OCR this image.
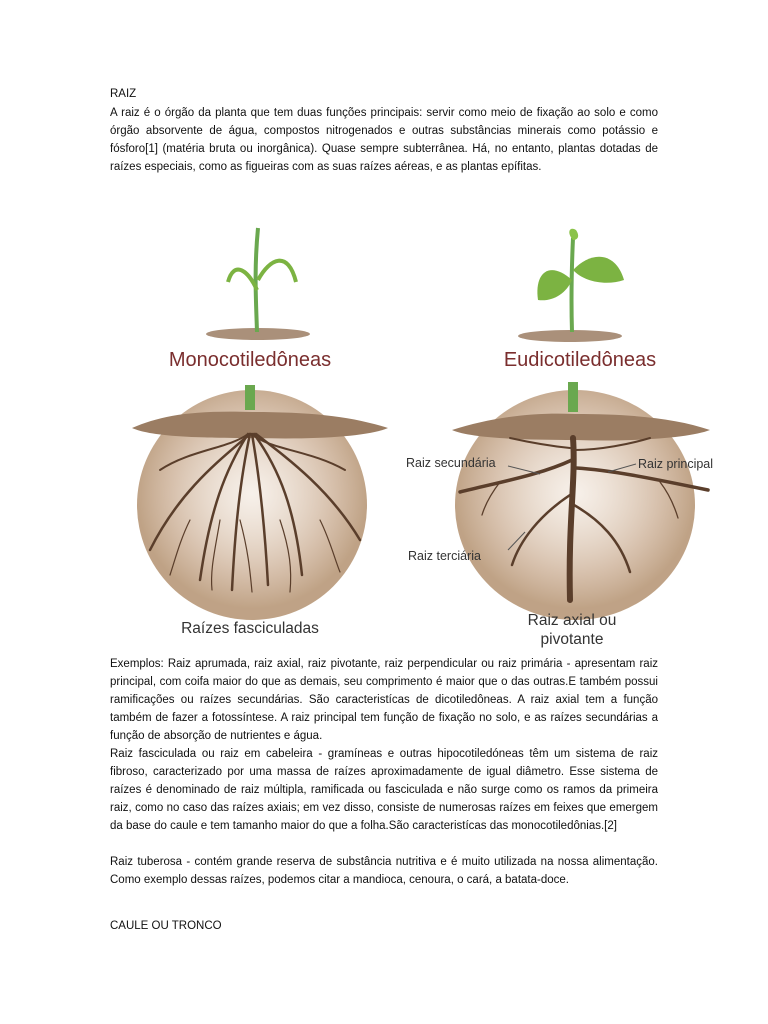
RAIZ

A raiz é o órgão da planta que tem duas funções principais: servir como meio de fixação ao solo e como órgão absorvente de água, compostos nitrogenados e outras substâncias minerais como potássio e fósforo[1] (matéria bruta ou inorgânica). Quase sempre subterrânea. Há, no entanto, plantas dotadas de raízes especiais, como as figueiras com as suas raízes aéreas, e as plantas epífitas.

Monocotiledôneas	Eudicotiledôneas
Raízes fasciculadas
Raiz secundária	Raiz principal
Raiz terciária
Raiz axial ou
pivotante

Exemplos: Raiz aprumada, raiz axial, raiz pivotante, raiz perpendicular ou raiz primária - apresentam raiz principal, com coifa maior do que as demais, seu comprimento é maior que o das outras.E também possui ramificações ou raízes secundárias. São caracteristícas de dicotiledôneas. A raiz axial tem a função também de fazer a fotossíntese. A raiz principal tem função de fixação no solo, e as raízes secundárias a função de absorção de nutrientes e água.

Raiz fasciculada ou raiz em cabeleira - gramíneas e outras hipocotiledóneas têm um sistema de raiz fibroso, caracterizado por uma massa de raízes aproximadamente de igual diâmetro. Esse sistema de raízes é denominado de raiz múltipla, ramificada ou fasciculada e não surge como os ramos da primeira raiz, como no caso das raízes axiais; em vez disso, consiste de numerosas raízes em feixes que emergem da base do caule e tem tamanho maior do que a folha.São caracteristícas das monocotiledônias.[2]

Raiz tuberosa - contém grande reserva de substância nutritiva e é muito utilizada na nossa alimentação. Como exemplo dessas raízes, podemos citar a mandioca, cenoura, o cará, a batata-doce.

CAULE OU TRONCO
